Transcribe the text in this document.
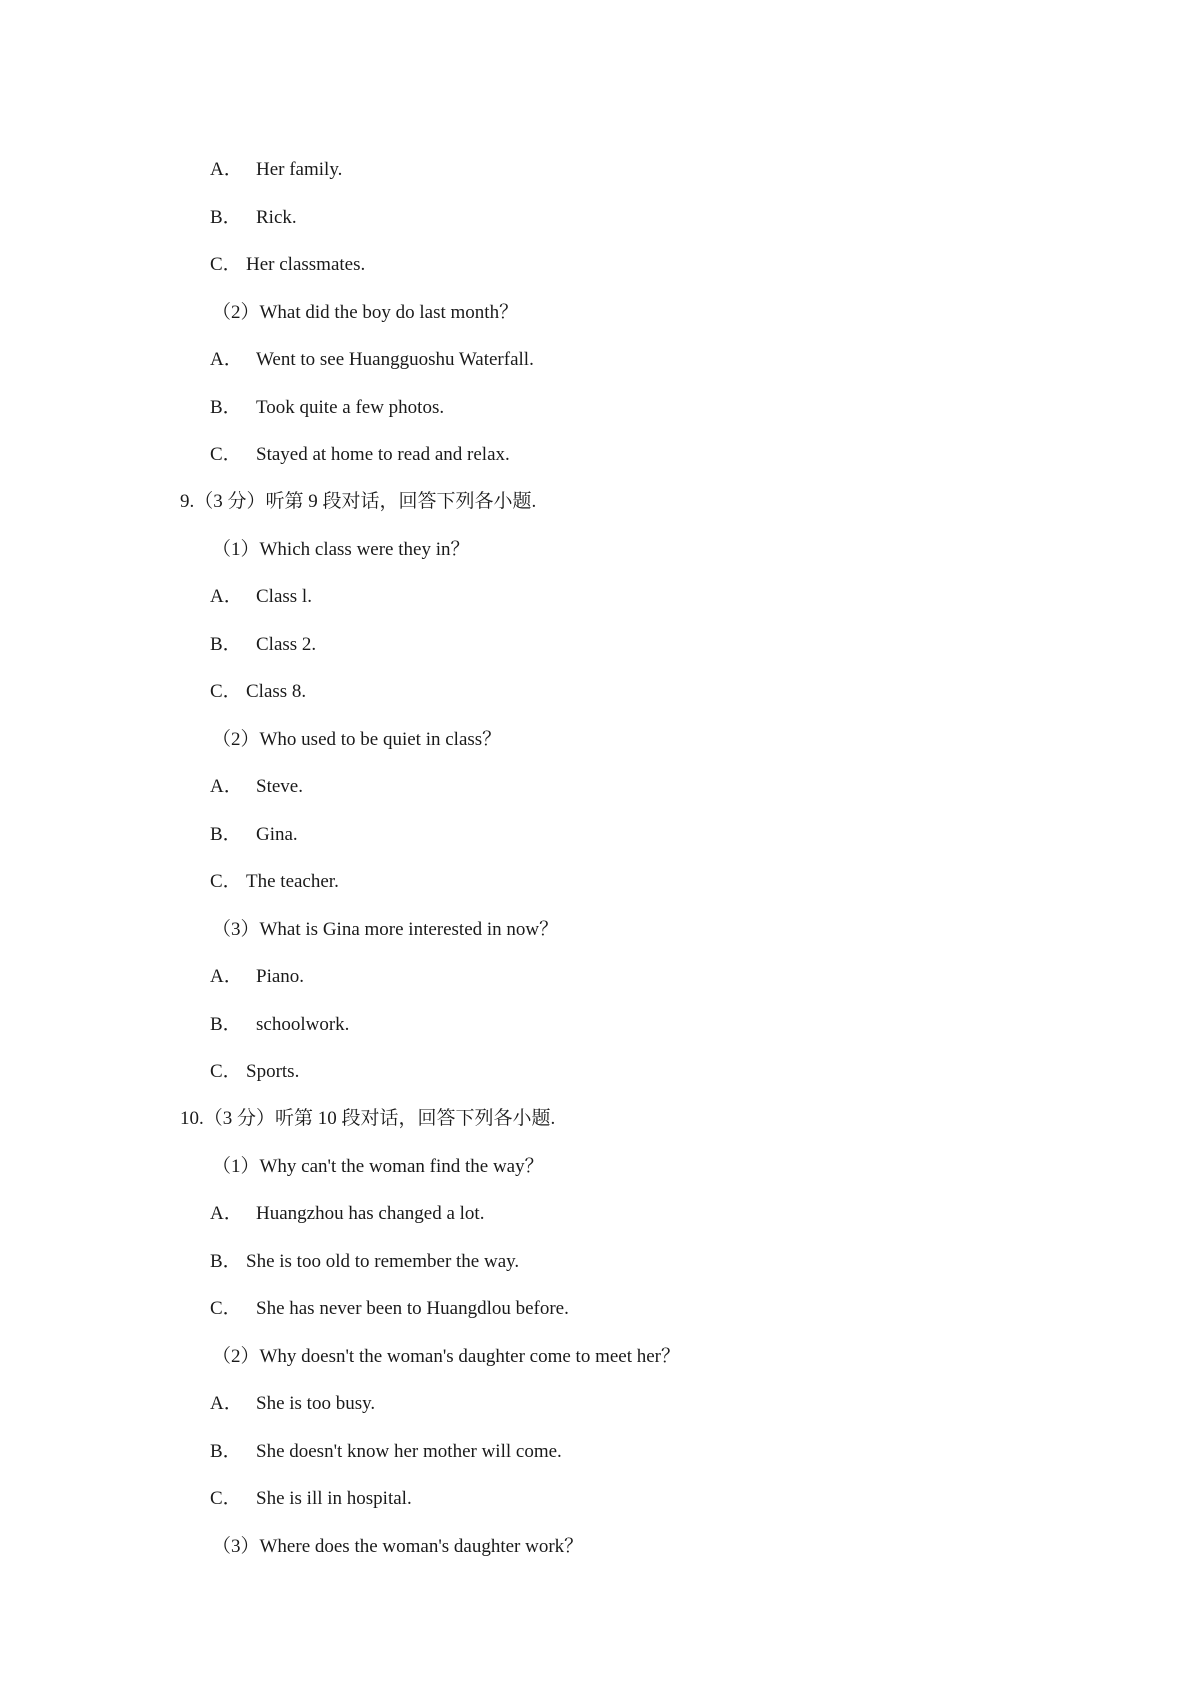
A． Her family.
B． Rick.
C． Her classmates.
（2）What did the boy do last month？
A． Went to see Huangguoshu Waterfall.
B． Took quite a few photos.
C． Stayed at home to read and relax.
9.（3 分）听第 9 段对话，回答下列各小题.
（1）Which class were they in？
A． Class l.
B． Class 2.
C． Class 8.
（2）Who used to be quiet in class？
A． Steve.
B． Gina.
C． The teacher.
（3）What is Gina more interested in now？
A． Piano.
B． schoolwork.
C． Sports.
10.（3 分）听第 10 段对话，回答下列各小题.
（1）Why can't the woman find the way？
A． Huangzhou has changed a lot.
B． She is too old to remember the way.
C． She has never been to Huangdlou before.
（2）Why doesn't the woman's daughter come to meet her？
A． She is too busy.
B． She doesn't know her mother will come.
C． She is ill in hospital.
（3）Where does the woman's daughter work？
